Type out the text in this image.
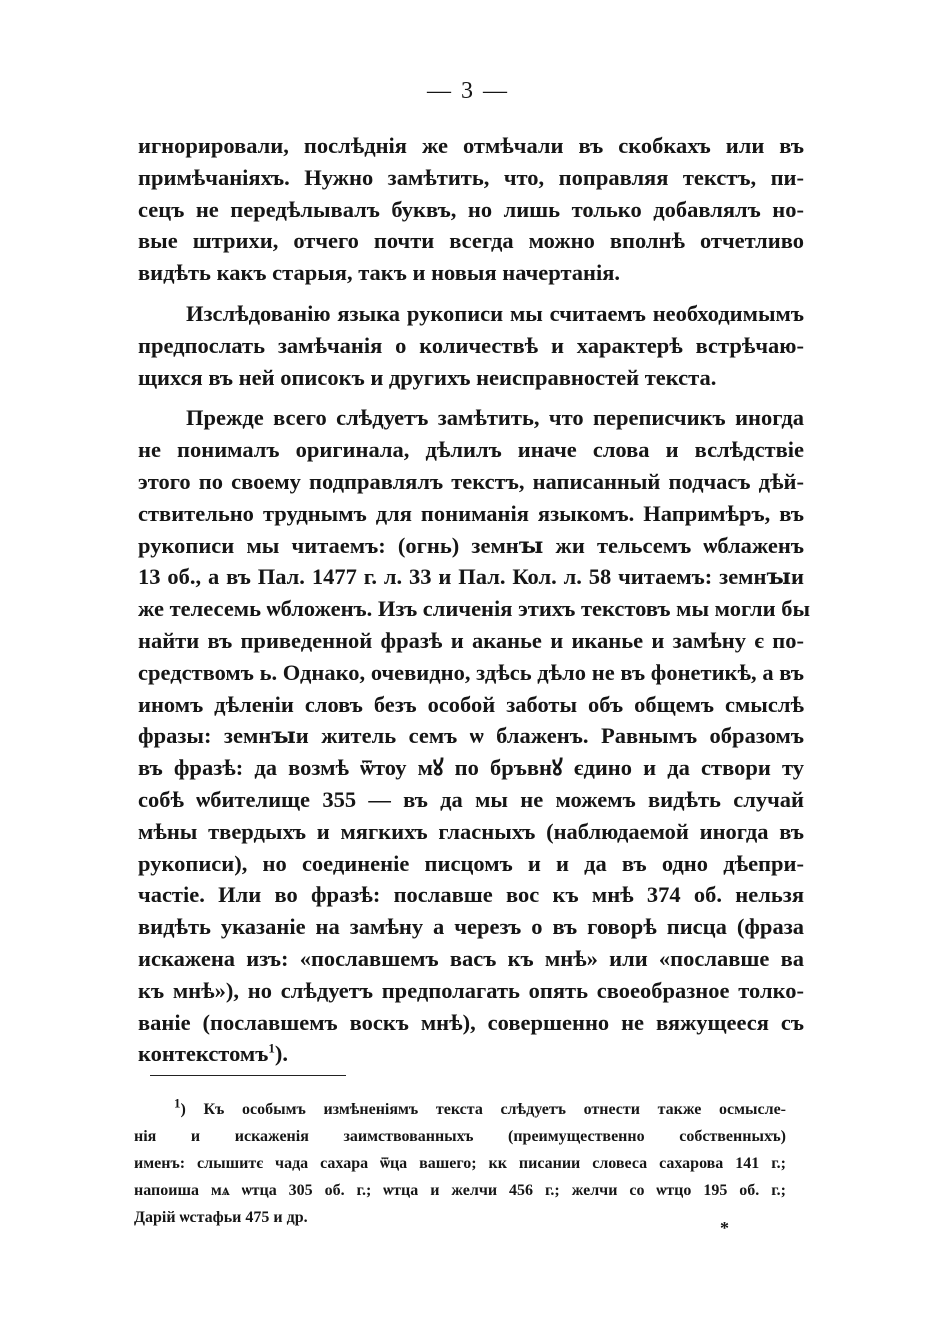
— 3 —
игнорировали, послѣднія же отмѣчали въ скобкахъ или въ
примѣчаніяхъ. Нужно замѣтить, что, поправляя текстъ, пи-
сецъ не передѣлывалъ буквъ, но лишь только добавлялъ но-
вые штрихи, отчего почти всегда можно вполнѣ отчетливо
видѣть какъ старыя, такъ и новыя начертанія.
Изслѣдованію языка рукописи мы считаемъ необходимымъ
предпослать замѣчанія о количествѣ и характерѣ встрѣчаю-
щихся въ ней описокъ и другихъ неисправностей текста.
Прежде всего слѣдуетъ замѣтить, что переписчикъ иногда
не понималъ оригинала, дѣлилъ иначе слова и вслѣдствіе
этого по своему подправлялъ текстъ, написанный подчасъ дѣй-
ствительно труднымъ для пониманія языкомъ. Напримѣръ, въ
рукописи мы читаемъ: (огнь) земнꙑ жи тельсемъ ѡблаженъ
13 об., а въ Пал. 1477 г. л. 33 и Пал. Кол. л. 58 читаемъ: земнꙑи
же телесемь ѡбложенъ. Изъ сличенія этихъ текстовъ мы могли бы
найти въ приведенной фразѣ и аканье и иканье и замѣну є по-
средствомъ ь. Однако, очевидно, здѣсь дѣло не въ фонетикѣ, а въ
иномъ дѣленіи словъ безъ особой заботы объ общемъ смыслѣ
фразы: земнꙑи житель семъ ѡ блаженъ. Равнымъ образомъ
въ фразѣ: да возмѣ ѿтоу мꙋ по бръвнꙋ єдино и да створи ту
собѣ ѡбителище 355 — въ да мы не можемъ видѣть случай
мѣны твердыхъ и мягкихъ гласныхъ (наблюдаемой иногда въ
рукописи), но соединеніе писцомъ и и да въ одно дѣепри-
частіе. Или во фразѣ: пославше вос къ мнѣ 374 об. нельзя
видѣть указаніе на замѣну а черезъ о въ говорѣ писца (фраза
искажена изъ: «пославшемъ васъ къ мнѣ» или «пославше ва
къ мнѣ»), но слѣдуетъ предполагать опять своеобразное толко-
ваніе (пославшемъ воскъ мнѣ), совершенно не вяжущееся съ
контекстомъ$^1$).
$^1$) Къ особымъ измѣненіямъ текста слѣдуетъ отнести также осмысле-
нія и искаженія заимствованныхъ (преимущественно собственныхъ)
именъ: слышитє чада сахара ѿца вашего; кк писании словеса сахарова 141 г.;
напоиша мѧ ѡтца 305 об. г.; ѡтца и желчи 456 г.; желчи со ѡтцо 195 об. г.;
Дарій ѡстафьи 475 и др.
*
